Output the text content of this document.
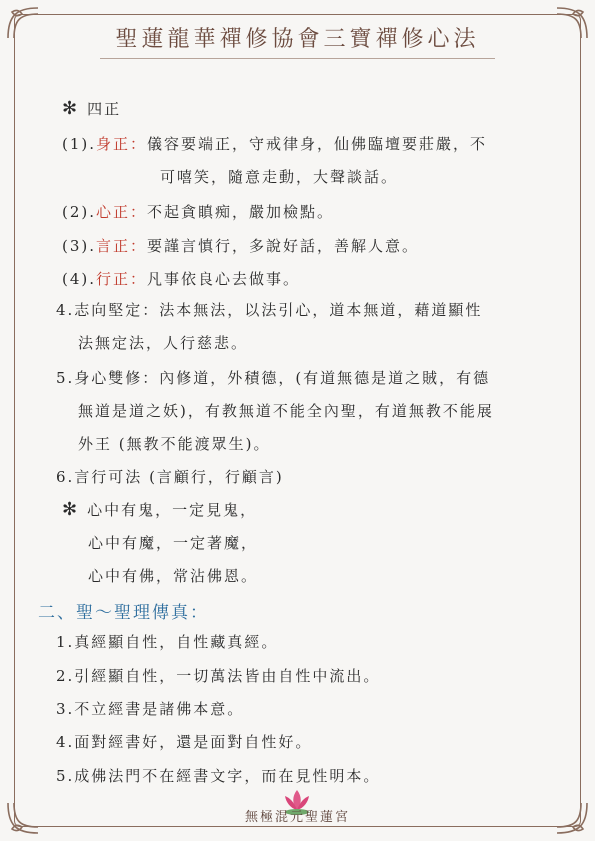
聖蓮龍華禪修協會三寶禪修心法
✻ 四正
(1).身正：儀容要端正，守戒律身，仙佛臨壇要莊嚴，不
可嘻笑，隨意走動，大聲談話。
(2).心正：不起貪瞋痴，嚴加檢點。
(3).言正：要謹言慎行，多說好話，善解人意。
(4).行正：凡事依良心去做事。
4.志向堅定：法本無法，以法引心，道本無道，藉道顯性
法無定法，人行慈悲。
5.身心雙修：內修道，外積德，(有道無德是道之賊，有德
無道是道之妖)，有教無道不能全內聖，有道無教不能展
外王 (無教不能渡眾生)。
6.言行可法 (言顧行，行顧言)
✻ 心中有鬼，一定見鬼，
心中有魔，一定著魔，
心中有佛，常沾佛恩。
二、聖～聖理傳真：
1.真經顯自性，自性藏真經。
2.引經顯自性，一切萬法皆由自性中流出。
3.不立經書是諸佛本意。
4.面對經書好，還是面對自性好。
5.成佛法門不在經書文字，而在見性明本。
無極混元聖蓮宮
